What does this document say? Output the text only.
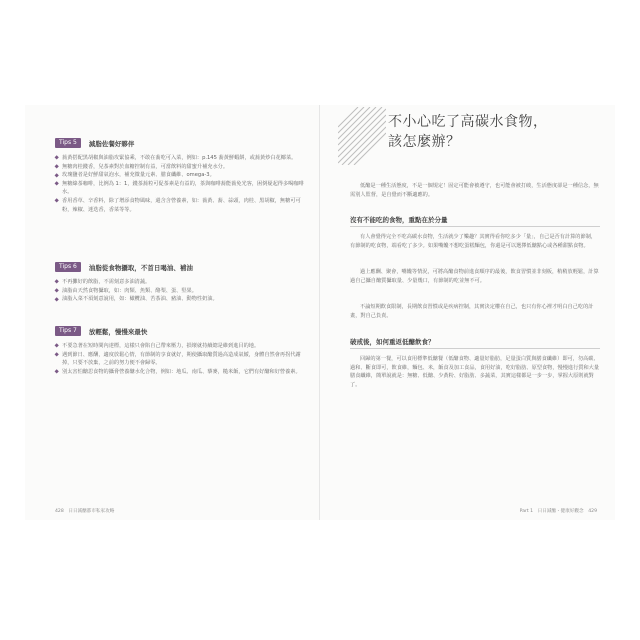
Tips 5	減脂佐餐好夥伴
蕎黃搭配黑胡椒與油脂攻緊協乘，不敢在蕎吃可入菜，例如：p.145 蕎黃鮮蝦餅，或蕎黃炒白花椰菜。
無糖肉桂錢香，兒茶素對於血糖控制有益，可當飲料的甜蜜升補充水分。
玫瑰鹽者是好鮮甜氣泡水，補充微量元素、膳食纖維、omega-3。
無糖綠茶咖啡，比例為 1：1，錢茶蕎粒可促茶素是有益的，茶與咖啡蕎能蕎免光客，困倒疑起得多喝咖啡水。
香用香草、辛香料，除了增添食物風味，還含含營養素，如：蕎黃、蕎、蒜頭，肉桂、黑胡椒，無糖可可粉，辣椒、迷迭香，香菜等等。
Tips 6	油脂從食物攝取，不首日喝油、補油
不再攤好的飲脂，不需刻意多油清蔬。
油脂由天然食物攝取，如：肉類、魚類、酪梨、蛋、堅果。
油脂入菜不須刻意說用，如：橄欖油、苦茶油、豬油、動物性奶油。
Tips 7	放輕鬆，慢慢來最快
不要急著在短時間內達標，這樣只會陷自己帶來壓力，損壞就持續總是維到進目的地。
遇到節日、應酬，適度放鬆心情，有節制的享食就好，期使攝取醣質過高造成氣餒，身體自然會再拐代謝掉，只要不放棄，之前的努力便不會歸零。
別太害怕醣思食物的攝脅營養醣水化合物，例如：地瓜、南瓜、藜麥，糙米飯，它們有好醣和好營養素。
428　日日減醣都市私家攻略
不小心吃了高碳水食物，
該怎麼辦？

低醣是一種生活態度，不是一個規定！固定可能會被遵守，也可能會被打破，生活態度卻是一種信念，無需別人監督，是自覺而不斷適應的。

沒有不能吃的食物，重點在於分量

有人會覺得完全不吃高碳水食物，生活就少了樂趣？其實得看你吃多少「量」，自己是否有計算的節制，有節制的吃食物，端看吃了多少。如果嘴饞不想吃蛋糕麵包，你還是可以選擇低醣點心或各種甜點食物。

過上應酬、聚會，嘴饞等情況，可將高醣食物前進食順序的最後，飲食習慣並非刻板，稍稍放輕鬆，計算過自己攝自醣質攝取量、少量幾口，有節制的吃並無不可。

不論短期飲食限制，長期飲食習慣或是疾病控制，其實決定權在自己，也只有你心裡才明白自己吃的計畫，對自己負責。

破戒後，如何重返低醣飲食？

回歸的第一餐，可以食用標準低醣餐（低醣食物、適量好脂肪，足量蛋白質與膳食纖維）即可，勿高碳、過和、斷食即可，飲食維，麵包、米，飯食及加工食品，食用好油，吃好脂肪、原型食物，慢慢進行質和大量膳食纖維，簡單說就是：無糖、低醣、少黃粉、好脂肪、多蔬菜，其實這樣都是一步一步，掌握大原則就對了。

Part 1　日日減醣・健康好觀念　429
